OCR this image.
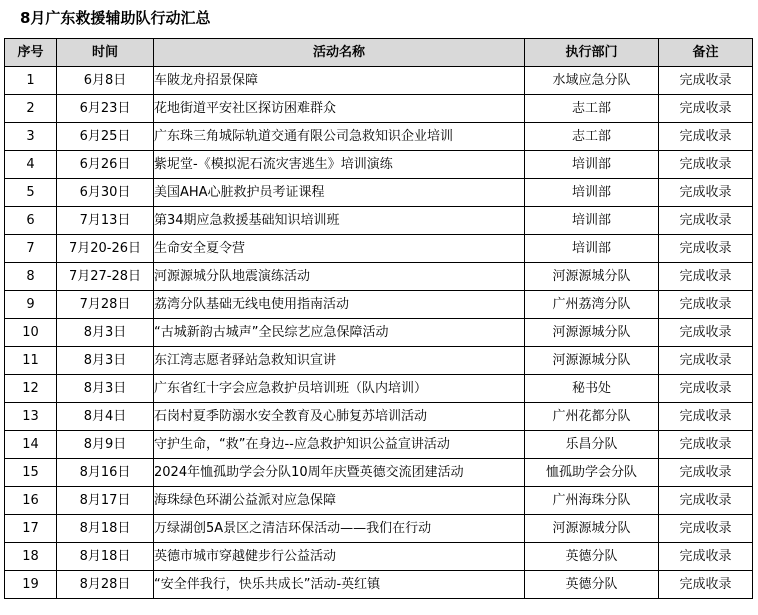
8月广东救援辅助队行动汇总
序号	时间	活动名称	执行部门	备注
1	6月8日	车陂龙舟招景保障	水域应急分队	完成收录
2	6月23日	花地街道平安社区探访困难群众	志工部	完成收录
3	6月25日	广东珠三角城际轨道交通有限公司急救知识企业培训	志工部	完成收录
4	6月26日	紫坭堂-《模拟泥石流灾害逃生》培训演练	培训部	完成收录
5	6月30日	美国AHA心脏救护员考证课程	培训部	完成收录
6	7月13日	第34期应急救援基础知识培训班	培训部	完成收录
7	7月20-26日	生命安全夏令营	培训部	完成收录
8	7月27-28日	河源源城分队地震演练活动	河源源城分队	完成收录
9	7月28日	荔湾分队基础无线电使用指南活动	广州荔湾分队	完成收录
10	8月3日	“古城新韵古城声”全民综艺应急保障活动	河源源城分队	完成收录
11	8月3日	东江湾志愿者驿站急救知识宣讲	河源源城分队	完成收录
12	8月3日	广东省红十字会应急救护员培训班（队内培训）	秘书处	完成收录
13	8月4日	石岗村夏季防溺水安全教育及心肺复苏培训活动	广州花都分队	完成收录
14	8月9日	守护生命，“救”在身边--应急救护知识公益宣讲活动	乐昌分队	完成收录
15	8月16日	2024年恤孤助学会分队10周年庆暨英德交流团建活动	恤孤助学会分队	完成收录
16	8月17日	海珠绿色环湖公益派对应急保障	广州海珠分队	完成收录
17	8月18日	万绿湖创5A景区之清洁环保活动——我们在行动	河源源城分队	完成收录
18	8月18日	英德市城市穿越健步行公益活动	英德分队	完成收录
19	8月28日	“安全伴我行，快乐共成长”活动-英红镇	英德分队	完成收录
